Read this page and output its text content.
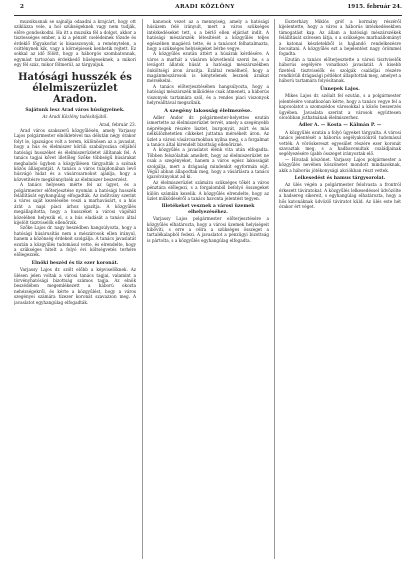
2	ARADI KÖZLÖNY	1915. február 24.

muzsikusnak se sajnálja odaadni a krajcárt, hogy ott sziklázza vele, a hol szükségeknek vagy nem tudják, előre gondoskodni. Ha itt a muzsika fél a dolgot, akkor a tisztességes ember, a ki a pénzét cselédeinek tőzsde és érdeklő főgyakorlat is kisasszonyok, a reménytelen, a csitténynek kik, vagy a körnépiesek kenhetik rejtett. Ez sokkal az idő fölött, hogy a háborgós szombatonnak, egymást tartozóan érdekkedő hűségeseknek, a mikori egy fél száz, mikor fölmerül, az tárgyaljuk.

Hatósági husszék és élelmiszerüzlet Aradon.
Sajátunk lesz Arad város húsügyeinek.
Az Aradi Közlöny tudósítójától.
Arad, február 23.

Arad város szakszerű közgyűlésén, amely Varjassy Lajos polgármester elnökletével ma délután négy órakor folyt le, igazságos volt a terem, különösen az a javaslat, hogy a hús és élelmiszer körüli szabályozása céljából hatósági husszéket és élelmiszerüzletet állítanak fel. A tanács tagjai kővet illetőleg Szőke többségű húsárakat meghaladó ügyben a közgyűlésen tárgyalták a szónak közös álláspontját. A tanács a város tulajdonában levő húsvágó hidat és a vásárcsarnokot ajánlja, hogy a közvetítésre megkönnyítsék az élelmiszer beszerzést.

A tanács helyesen mérte fel az ügyet, és a polgármester előterjesztése nyomán a hatósági husszék felállítását egyhangúlag elfogadták. Az indítvány szerint a város saját kezelésébe veszi a marhavásárt, s a hús árát a napi piaci árhoz igazítja. A közgyűlés megállapította, hogy a husszéket a városi vágóhíd közelében helyezik el, s a hús eladását a tanács által kijelölt tisztviselők ellenőrzik.

Szőke Lajos dr. nagy beszédben hangsúlyozta, hogy a hatósági húsárusítás nem a mészárosok ellen irányul, hanem a közönség érdekeit szolgálja. A tanács javaslatát ezután a közgyűlés tudomásul vette, és elrendelte, hogy a szükséges hitelt a folyó évi költségvetés terhére előlegezzék.

Elnöki beszéd és tiz ezer koronát.

Varjassy Lajos dr. szólt előbb a képviselőknek. Az ülésen jelen voltak a városi tanács tagjai, valamint a törvényhatósági bizottság számos tagja. Az elnök beszédében megemlékezett a háború okozta nehézségekről, és kérte a közgyűlést, hogy a város szegényei számára tízezer koronát szavazzon meg. A javaslatot egyhangúlag elfogadták.

kanonok vezet az a mennyiség, amely a hatósági húsüzem felé irányult, mert a város szükséges intézkedéseket tett, s a bérlő ellen eljárást indít. A hatósági mészárszék létesítését a közgyűlés teljes egészében magáévá tette, és a tanácsot felhatalmazta, hogy a szükséges helyiségeket bérbe vegye.

A közgyűlés ezután áttért a húsárak kérdésére. A város a marhát a vásáron közvetlenül szerzi be, s a levágott állatok húsát a hatósági mészárszékben önköltségi áron árusítja. Ezáltal remélhető, hogy a magánmészárosok is kénytelenek lesznek áraikat mérsékelni.

A tanács előterjesztésében hangsúlyozta, hogy a hatósági mészárszék működése csak átmeneti, a háborús viszonyok tartamára szól, és a rendes piaci viszonyok helyreálltával megszűnik.

A szegény lakosság élelmezése.

Adler Andor dr. polgármester-helyettes ezután ismertette az élelmiszerüzlet tervét, amely a szegényebb néprétegek részére lisztet, burgonyát, zsírt és más nélkülözhetetlen cikkeket juttatna mérsékelt áron. Az üzlet a városi vásárcsarnokban nyílna meg, s a forgalmat a tanács által kirendelt bizottság ellenőrizné.

A közgyűlés a javaslatot élénk vita után elfogadta. Többen felszólaltak amellett, hogy az élelmiszerüzlet ne csak a szegényeket, hanem a város egész lakosságát szolgálja, mert a drágaság mindenkit egyformán sújt. Végül abban állapodtak meg, hogy a vásárlásra a tanács igazolványokat ad ki.

Az élelmiszerüzlet számára szükséges tőkét a város pénztára előlegezi, s a forgalomból befolyó összegeket külön számlán kezelik. A közgyűlés elrendelte, hogy az üzlet működéséről a tanács havonta jelentést tegyen.

Illetékeket vesznek a városi üzemek elhelyezéséhez.

Varjassy Lajos polgármester előterjesztésére a közgyűlés elhatározta, hogy a városi üzemek helyiségeit kibővíti, s erre a célra a szükséges összeget a tartalékalapból fedezi. A javaslatot a pénzügyi bizottság is pártolta, s a közgyűlés egyhangúlag elfogadta.

Eszterházy Miklós gróf a kormány részéről kijelentette, hogy a város a háborús intézkedésekben támogatást kap. Az állam a hatósági mészárszékek felállítását szívesen látja, s a szükséges marhaállományt a katonai készletekből is hajlandó rendelkezésre bocsátani. A közgyűlés ezt a bejelentést nagy örömmel fogadta.

Ezután a tanács előterjesztette a városi tisztviselők háborús segélyére vonatkozó javaslatát. A kisebb fizetésű tisztviselők és szolgák családjai részére rendkívüli drágasági pótlékot állapítottak meg, amelyet a háború tartamára folyósítanak.

Ünnepek Lajos.

Mikes Lajos dr. szólalt fel ezután, s a polgármester jelentésére vonatkozóan kérte, hogy a tanács vegye fel a kapcsolatot a szomszédos városokkal a közös beszerzés ügyében. Javaslata szerint a városok együttesen olcsóbban juthatnának élelmiszerhez.

Ádler A. — Kosta — Kálmán P. —

A közgyűlés ezután a folyó ügyeket tárgyalta. A városi tanács jelentését a háborús segélyakciókról tudomásul vették. A vöröskereszt egyesület részére ezer koronát szavaztak meg, s a hadbavonultak családjainak segélyezésére újabb összeget irányoztak elő.

— Hivatali köszönet. Varjassy Lajos polgármester a közgyűlés nevében köszönetet mondott mindazoknak, akik a háborús jótékonysági akciókban részt vettek.

Lelkesedést és hamus tárgysorolat.

Az ülés végén a polgármester felolvasta a frontról érkezett táviratokat. A közgyűlés lelkesedéssel üdvözölte a hadsereg sikereit, s egyhangúlag elhatározta, hogy a hős katonáknak üdvözlő táviratot küld. Az ülés este hét órakor ért véget.
